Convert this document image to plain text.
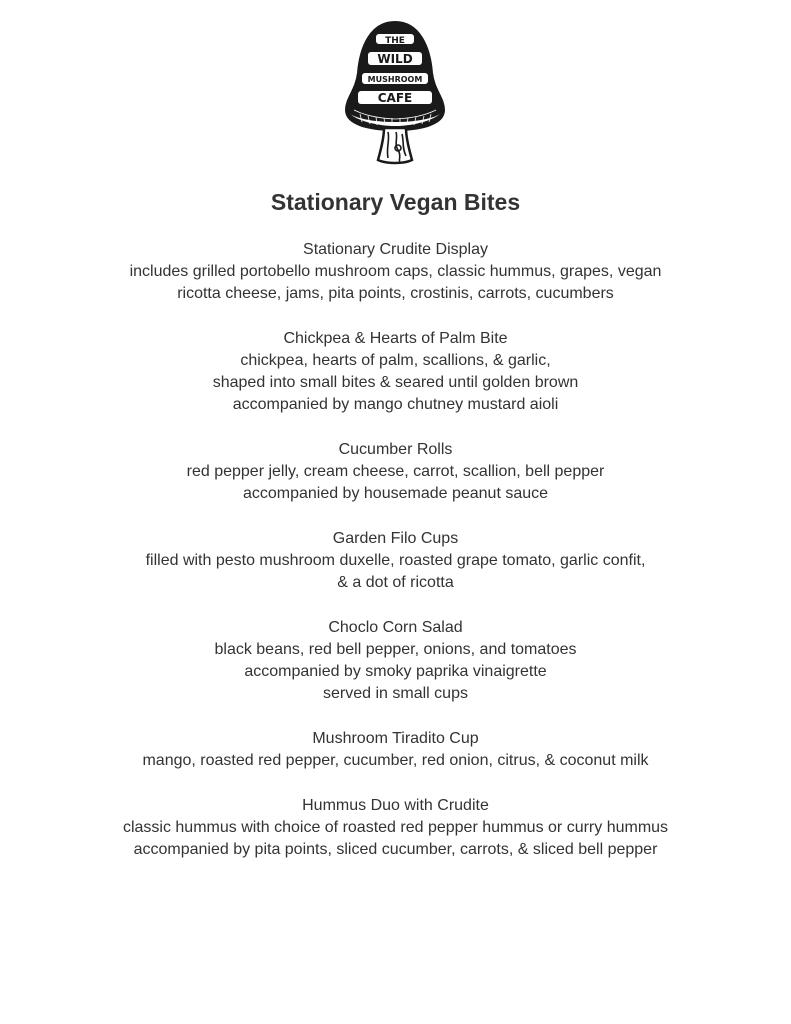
THE
WILD
MUSHROOM
CAFE
Stationary Vegan Bites
Stationary Crudite Display
includes grilled portobello mushroom caps, classic hummus, grapes, vegan
ricotta cheese, jams, pita points, crostinis, carrots, cucumbers
Chickpea & Hearts of Palm Bite
chickpea, hearts of palm, scallions, & garlic,
shaped into small bites & seared until golden brown
accompanied by mango chutney mustard aioli
Cucumber Rolls
red pepper jelly, cream cheese, carrot, scallion, bell pepper
accompanied by housemade peanut sauce
Garden Filo Cups
filled with pesto mushroom duxelle, roasted grape tomato, garlic confit,
& a dot of ricotta
Choclo Corn Salad
black beans, red bell pepper, onions, and tomatoes
accompanied by smoky paprika vinaigrette
served in small cups
Mushroom Tiradito Cup
mango, roasted red pepper, cucumber, red onion, citrus, & coconut milk
Hummus Duo with Crudite
classic hummus with choice of roasted red pepper hummus or curry hummus
accompanied by pita points, sliced cucumber, carrots, & sliced bell pepper
